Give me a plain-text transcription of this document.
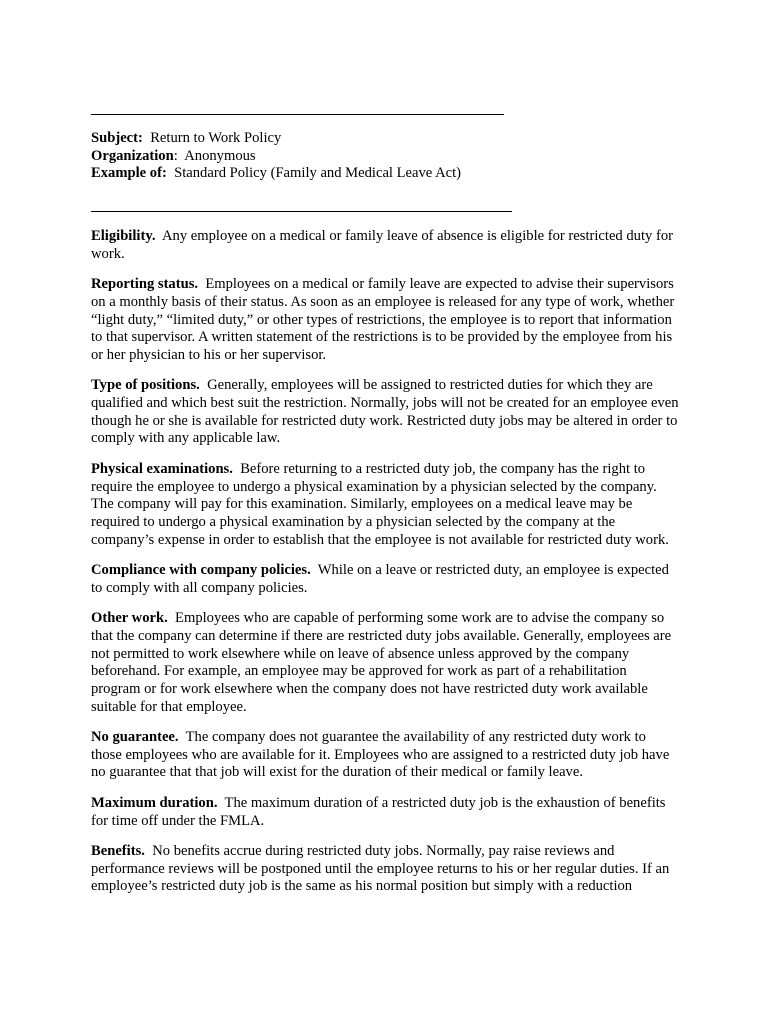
Subject: Return to Work Policy
Organization:  Anonymous
Example of: Standard Policy (Family and Medical Leave Act)

Eligibility. Any employee on a medical or family leave of absence is eligible for restricted duty for work.

Reporting status. Employees on a medical or family leave are expected to advise their supervisors on a monthly basis of their status. As soon as an employee is released for any type of work, whether “light duty,” “limited duty,” or other types of restrictions, the employee is to report that information to that supervisor. A written statement of the restrictions is to be provided by the employee from his or her physician to his or her supervisor.

Type of positions. Generally, employees will be assigned to restricted duties for which they are qualified and which best suit the restriction. Normally, jobs will not be created for an employee even though he or she is available for restricted duty work. Restricted duty jobs may be altered in order to comply with any applicable law.

Physical examinations. Before returning to a restricted duty job, the company has the right to require the employee to undergo a physical examination by a physician selected by the company. The company will pay for this examination. Similarly, employees on a medical leave may be required to undergo a physical examination by a physician selected by the company at the company’s expense in order to establish that the employee is not available for restricted duty work.

Compliance with company policies. While on a leave or restricted duty, an employee is expected to comply with all company policies.

Other work. Employees who are capable of performing some work are to advise the company so that the company can determine if there are restricted duty jobs available. Generally, employees are not permitted to work elsewhere while on leave of absence unless approved by the company beforehand. For example, an employee may be approved for work as part of a rehabilitation program or for work elsewhere when the company does not have restricted duty work available suitable for that employee.

No guarantee. The company does not guarantee the availability of any restricted duty work to those employees who are available for it. Employees who are assigned to a restricted duty job have no guarantee that that job will exist for the duration of their medical or family leave.

Maximum duration. The maximum duration of a restricted duty job is the exhaustion of benefits for time off under the FMLA.

Benefits. No benefits accrue during restricted duty jobs. Normally, pay raise reviews and performance reviews will be postponed until the employee returns to his or her regular duties. If an employee’s restricted duty job is the same as his normal position but simply with a reduction
